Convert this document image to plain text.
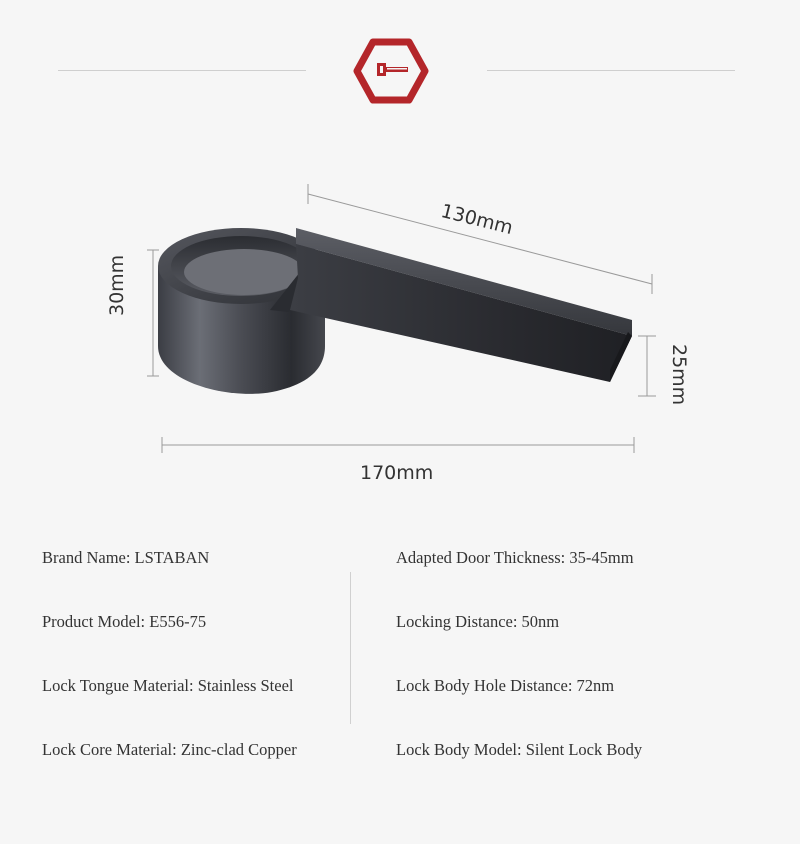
130mm
30mm
25mm
170mm
Brand Name: LSTABAN
Product Model: E556-75
Lock Tongue Material: Stainless Steel
Lock Core Material: Zinc-clad Copper
Adapted Door Thickness: 35-45mm
Locking Distance: 50nm
Lock Body Hole Distance: 72nm
Lock Body Model: Silent Lock Body
